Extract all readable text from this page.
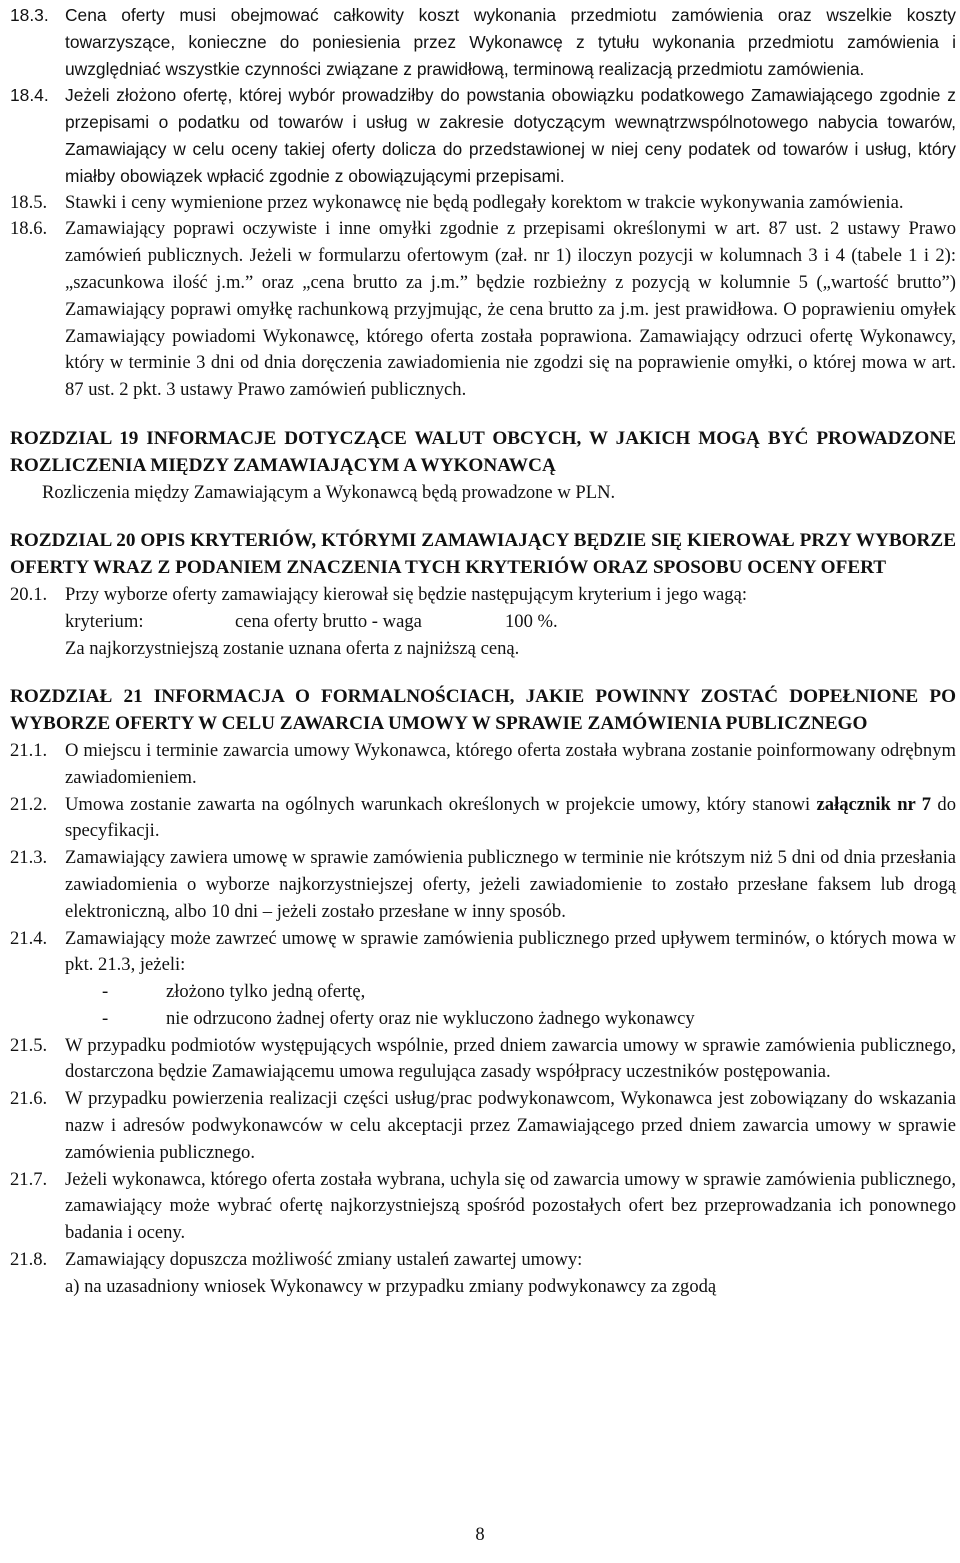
18.3. Cena oferty musi obejmować całkowity koszt wykonania przedmiotu zamówienia oraz wszelkie koszty towarzyszące, konieczne do poniesienia przez Wykonawcę z tytułu wykonania przedmiotu zamówienia i uwzględniać wszystkie czynności związane z prawidłową, terminową realizacją przedmiotu zamówienia.
18.4. Jeżeli złożono ofertę, której wybór prowadziłby do powstania obowiązku podatkowego Zamawiającego zgodnie z przepisami o podatku od towarów i usług w zakresie dotyczącym wewnątrzwspólnotowego nabycia towarów, Zamawiający w celu oceny takiej oferty dolicza do przedstawionej w niej ceny podatek od towarów i usług, który miałby obowiązek wpłacić zgodnie z obowiązującymi przepisami.
18.5. Stawki i ceny wymienione przez wykonawcę nie będą podlegały korektom w trakcie wykonywania zamówienia.
18.6. Zamawiający poprawi oczywiste i inne omyłki zgodnie z przepisami określonymi w art. 87 ust. 2 ustawy Prawo zamówień publicznych. Jeżeli w formularzu ofertowym (zał. nr 1) iloczyn pozycji w kolumnach 3 i 4 (tabele 1 i 2): „szacunkowa ilość j.m.” oraz „cena brutto za j.m.” będzie rozbieżny z pozycją w kolumnie 5 („wartość brutto”) Zamawiający poprawi omyłkę rachunkową przyjmując, że cena brutto za j.m. jest prawidłowa. O poprawieniu omyłek Zamawiający powiadomi Wykonawcę, którego oferta została poprawiona. Zamawiający odrzuci ofertę Wykonawcy, który w terminie 3 dni od dnia doręczenia zawiadomienia nie zgodzi się na poprawienie omyłki, o której mowa w art. 87 ust. 2 pkt. 3 ustawy Prawo zamówień publicznych.

ROZDZIAL 19 INFORMACJE DOTYCZĄCE WALUT OBCYCH, W JAKICH MOGĄ BYĆ PROWADZONE ROZLICZENIA MIĘDZY ZAMAWIAJĄCYM A WYKONAWCĄ

Rozliczenia między Zamawiającym a Wykonawcą będą prowadzone w PLN.

ROZDZIAL 20 OPIS KRYTERIÓW, KTÓRYMI ZAMAWIAJĄCY BĘDZIE SIĘ KIEROWAŁ PRZY WYBORZE OFERTY WRAZ Z PODANIEM ZNACZENIA TYCH KRYTERIÓW ORAZ SPOSOBU OCENY OFERT

20.1. Przy wyborze oferty zamawiający kierował się będzie następującym kryterium i jego wagą:
kryterium:	cena oferty brutto - waga	100 %.
Za najkorzystniejszą zostanie uznana oferta z najniższą ceną.

ROZDZIAŁ 21 INFORMACJA O FORMALNOŚCIACH, JAKIE POWINNY ZOSTAĆ DOPEŁNIONE PO WYBORZE OFERTY W CELU ZAWARCIA UMOWY W SPRAWIE ZAMÓWIENIA PUBLICZNEGO

21.1. O miejscu i terminie zawarcia umowy Wykonawca, którego oferta została wybrana zostanie poinformowany odrębnym zawiadomieniem.
21.2. Umowa zostanie zawarta na ogólnych warunkach określonych w projekcie umowy, który stanowi załącznik nr 7 do specyfikacji.
21.3. Zamawiający zawiera umowę w sprawie zamówienia publicznego w terminie nie krótszym niż 5 dni od dnia przesłania zawiadomienia o wyborze najkorzystniejszej oferty, jeżeli zawiadomienie to zostało przesłane faksem lub drogą elektroniczną, albo 10 dni – jeżeli zostało przesłane w inny sposób.
21.4. Zamawiający może zawrzeć umowę w sprawie zamówienia publicznego przed upływem terminów, o których mowa w pkt. 21.3, jeżeli:
-	złożono tylko jedną ofertę,
-	nie odrzucono żadnej oferty oraz nie wykluczono żadnego wykonawcy
21.5. W przypadku podmiotów występujących wspólnie, przed dniem zawarcia umowy w sprawie zamówienia publicznego, dostarczona będzie Zamawiającemu umowa regulująca zasady współpracy uczestników postępowania.
21.6. W przypadku powierzenia realizacji części usług/prac podwykonawcom, Wykonawca jest zobowiązany do wskazania nazw i adresów podwykonawców w celu akceptacji przez Zamawiającego przed dniem zawarcia umowy w sprawie zamówienia publicznego.
21.7. Jeżeli wykonawca, którego oferta została wybrana, uchyla się od zawarcia umowy w sprawie zamówienia publicznego, zamawiający może wybrać ofertę najkorzystniejszą spośród pozostałych ofert bez przeprowadzania ich ponownego badania i oceny.
21.8. Zamawiający dopuszcza możliwość zmiany ustaleń zawartej umowy:
a) na uzasadniony wniosek Wykonawcy w przypadku zmiany podwykonawcy za zgodą
8
